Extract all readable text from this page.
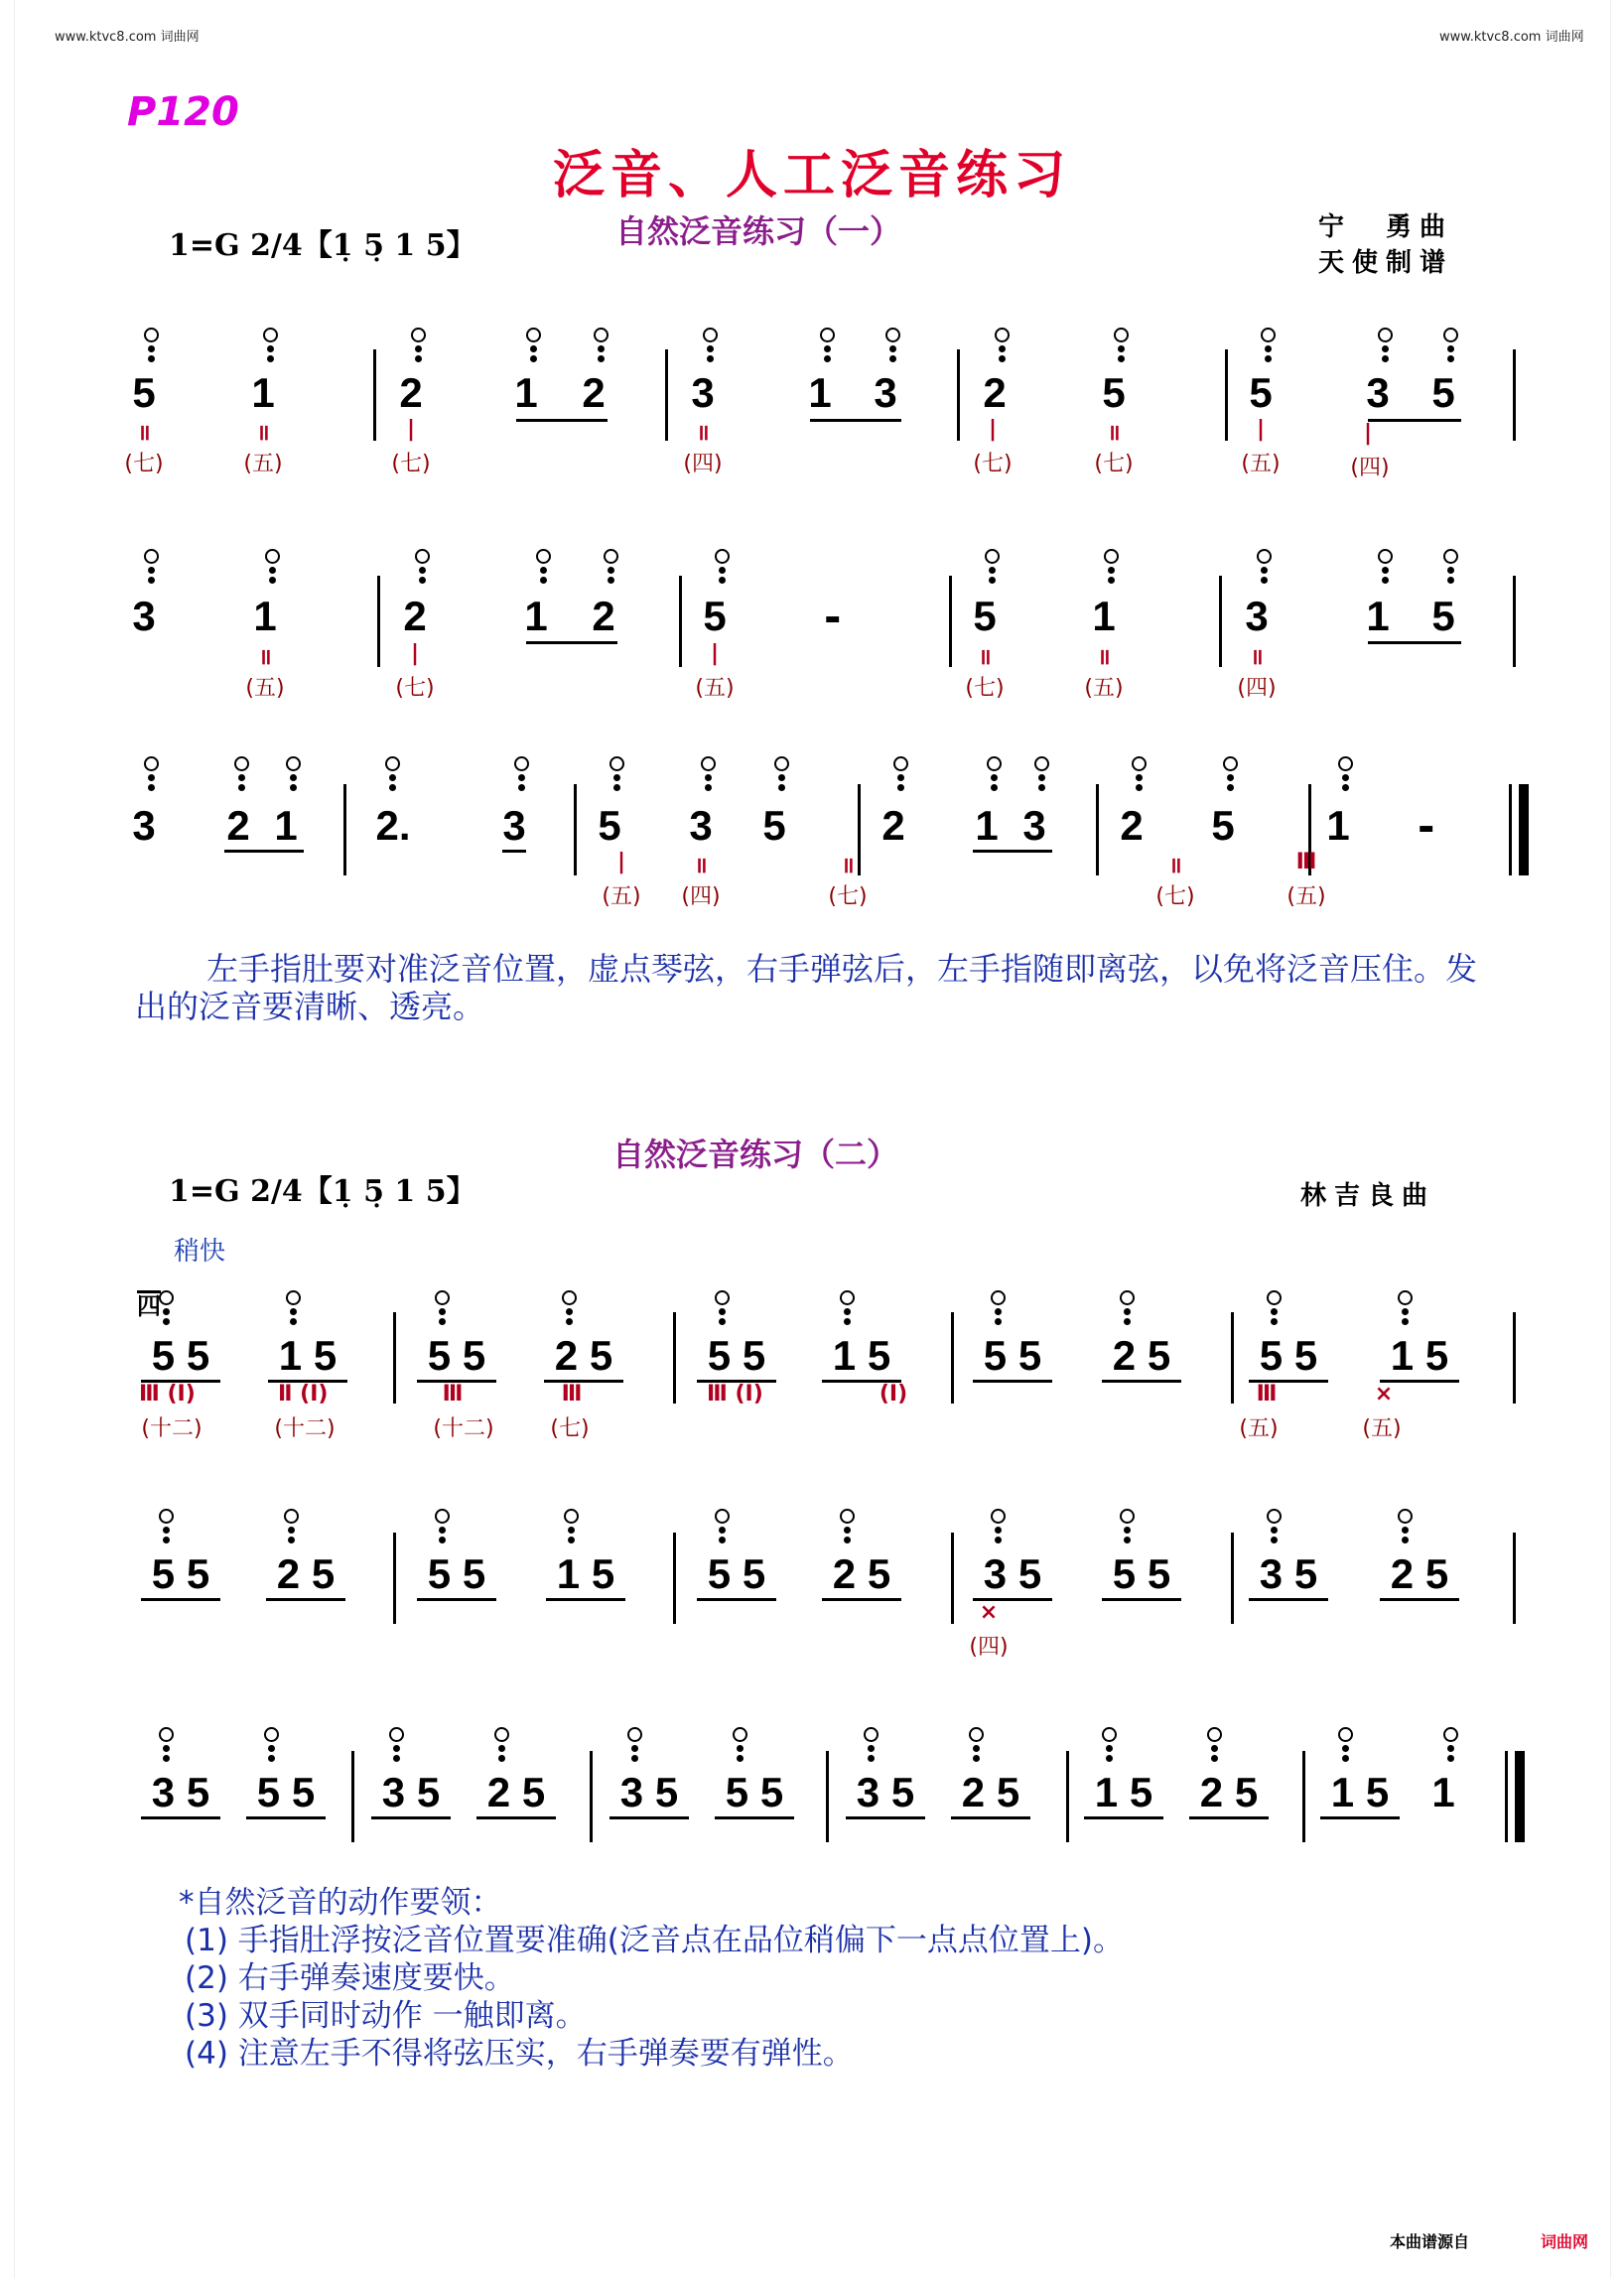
www.ktvc8.com 词曲网	www.ktvc8.com 词曲网
P120
泛音、人工泛音练习
自然泛音练习（一）
1=G 2/4【1̣ 5̣ 1 5】
宁　勇曲
天使制谱
5 1	2 1 2 3 1 3 2 5	5 3 5
॥	॥	|	॥	|	॥	|	|
(七)	(五)	(七)	(四)	(七)	(七)	(五)	(四)
3 1	2 1 2 5 -	5 1	3 1 5
॥	|	|	॥	॥	॥
(五)	(七)	(五)	(七)	(五)	(四)
3 2 1 2. 3 5 3 5 2 1 3 2 5 1 -
|	॥	॥	॥	Ⅲ
(五)	(四)	(七)	(七)	(五)
左手指肚要对准泛音位置，虚点琴弦，右手弹弦后，左手指随即离弦，以免将泛音压住。发出的泛音要清晰、透亮。
自然泛音练习（二）
1=G 2/4【1̣ 5̣ 1 5】	林吉良曲
稍快
四
5 5	1 5	5 5	2 5	5 5	1 5	5 5	2 5	5 5	1 5
Ⅲ (Ⅰ)	Ⅱ (Ⅰ)	Ⅲ	Ⅲ	Ⅲ (Ⅰ)	(Ⅰ)	Ⅲ	×
(十二)	(十二)	(十二)	(七)	(五)	(五)
5 5	2 5	5 5	1 5	5 5	2 5	3 5	5 5	3 5	2 5
×
(四)
3 5	5 5	3 5	2 5	3 5	5 5	3 5	2 5	1 5	2 5	1 5	1
*自然泛音的动作要领：
(1) 手指肚浮按泛音位置要准确(泛音点在品位稍偏下一点点位置上)。
(2) 右手弹奏速度要快。
(3) 双手同时动作 一触即离。
(4) 注意左手不得将弦压实，右手弹奏要有弹性。
本曲谱源自	词曲网
